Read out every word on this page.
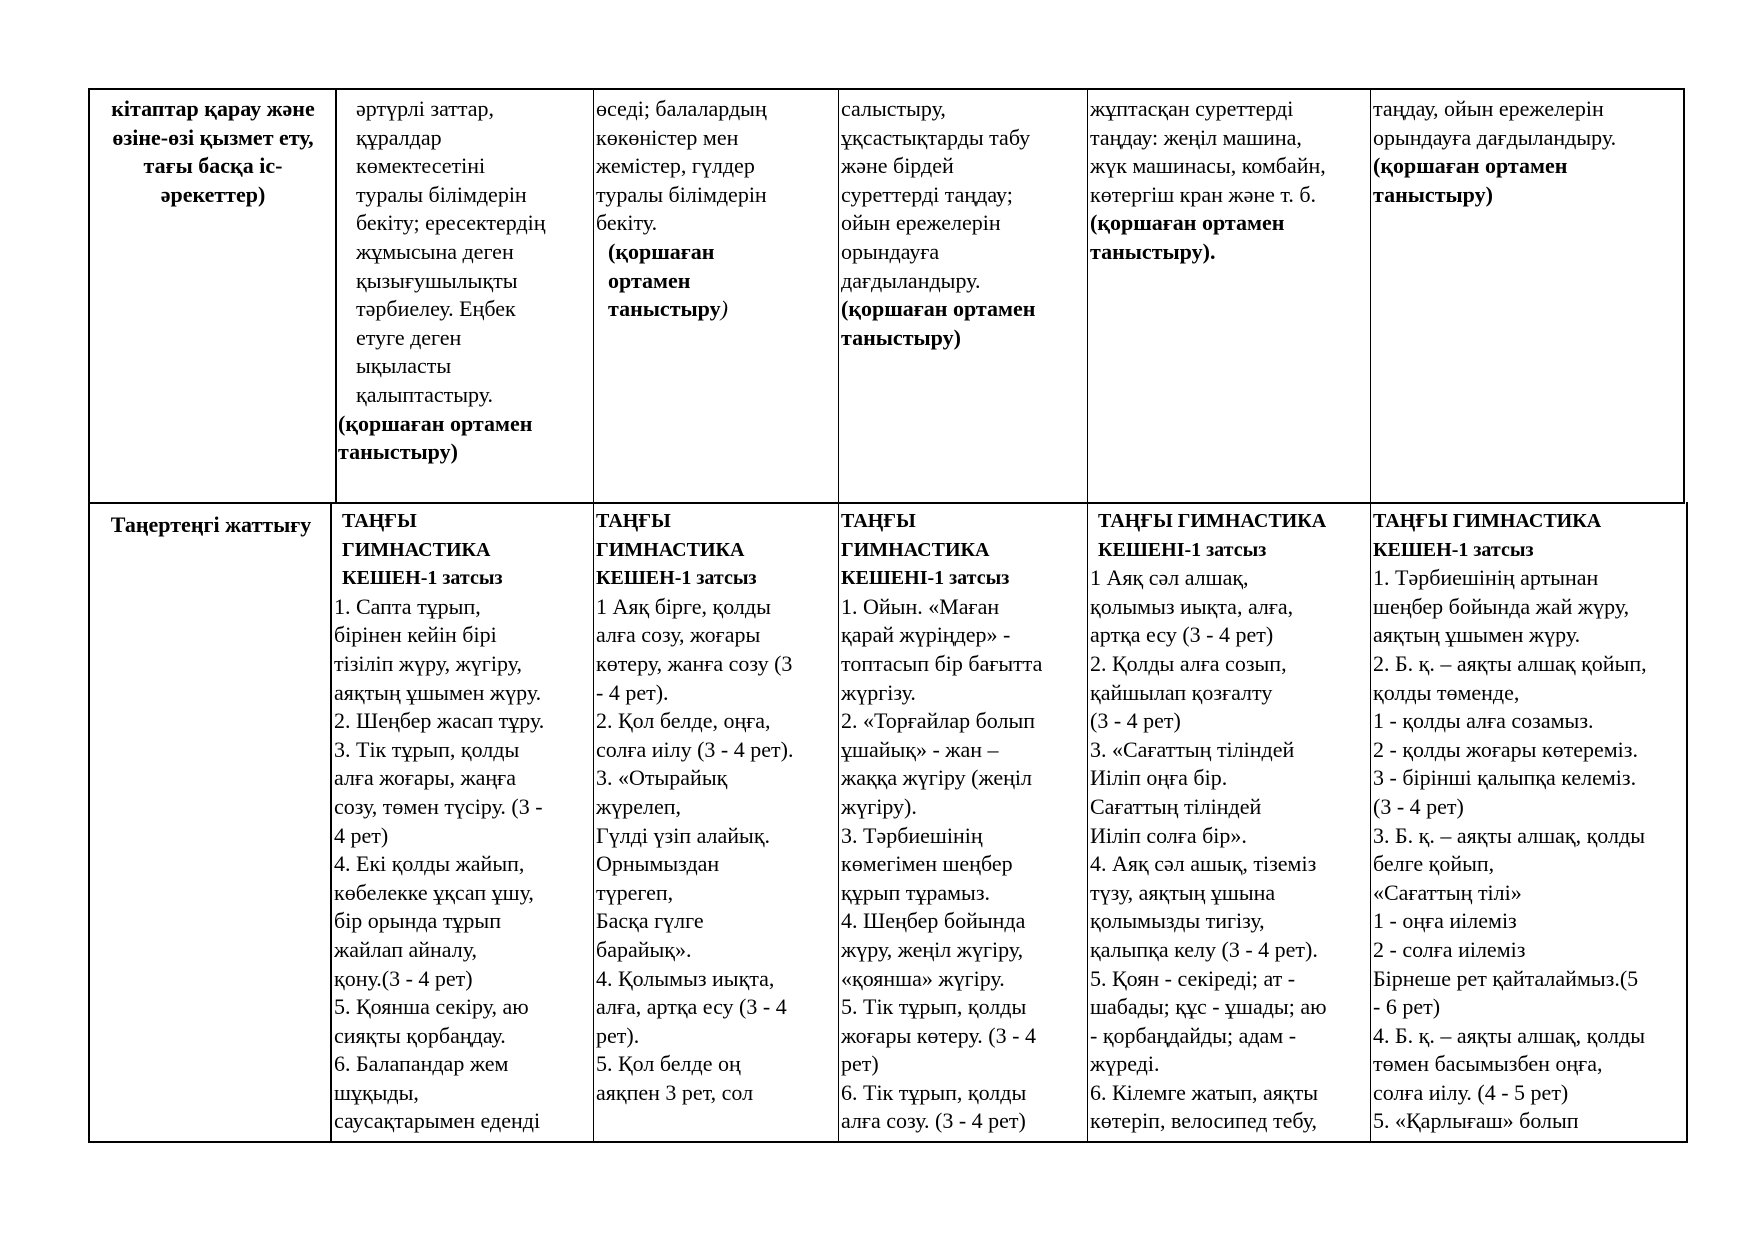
кітаптар қарау және өзіне-өзі қызмет ету, тағы басқа іс-әрекеттер)
әртүрлі заттар,
құралдар
көмектесетіні
туралы білімдерін
бекіту; ересектердің
жұмысына деген
қызығушылықты
тәрбиелеу. Еңбек
етуге деген
ықыласты
қалыптастыру.
(қоршаған ортамен
таныстыру)
өседі; балалардың
көкөністер мен
жемістер, гүлдер
туралы білімдерін
бекіту.
(қоршаған
ортамен
таныстыру)
салыстыру,
ұқсастықтарды табу
және бірдей
суреттерді таңдау;
ойын ережелерін
орындауға
дағдыландыру.
(қоршаған ортамен
таныстыру)
жұптасқан суреттерді
таңдау: жеңіл машина,
жүк машинасы, комбайн,
көтергіш кран және т. б.
(қоршаған ортамен
таныстыру).
таңдау, ойын ережелерін
орындауға дағдыландыру.
(қоршаған ортамен
таныстыру)
Таңертеңгі жаттығу	ТАҢҒЫ
ГИМНАСТИКА
КЕШЕН-1 затсыз
1. Сапта тұрып,
бірінен кейін бірі
тізіліп жүру, жүгіру,
аяқтың ұшымен жүру.
2. Шеңбер жасап тұру.
3. Тік тұрып, қолды
алға жоғары, жаңға
созу, төмен түсіру. (3 -
4 рет)
4. Екі қолды жайып,
көбелекке ұқсап ұшу,
бір орында тұрып
жайлап айналу,
қону.(3 - 4 рет)
5. Қоянша секіру, аю
сияқты қорбаңдау.
6. Балапандар жем
шұқыды,
саусақтарымен еденді
ТАҢҒЫ
ГИМНАСТИКА
КЕШЕН-1 затсыз
1 Аяқ бірге, қолды
алға созу, жоғары
көтеру, жанға созу (3
- 4 рет).
2. Қол белде, оңға,
солға иілу (3 - 4 рет).
3. «Отырайық
жүрелеп,
Гүлді үзіп алайық.
Орнымыздан
түрегеп,
Басқа гүлге
барайық».
4. Қолымыз иықта,
алға, артқа есу (3 - 4
рет).
5. Қол белде оң
аяқпен 3 рет, сол
ТАҢҒЫ
ГИМНАСТИКА
КЕШЕНІ-1 затсыз
1. Ойын. «Маған
қарай жүріңдер» -
топтасып бір бағытта
жүргізу.
2. «Торғайлар болып
ұшайық» - жан –
жаққа жүгіру (жеңіл
жүгіру).
3. Тәрбиешінің
көмегімен шеңбер
құрып тұрамыз.
4. Шеңбер бойында
жүру, жеңіл жүгіру,
«қоянша» жүгіру.
5. Тік тұрып, қолды
жоғары көтеру. (3 - 4
рет)
6. Тік тұрып, қолды
алға созу. (3 - 4 рет)
ТАҢҒЫ ГИМНАСТИКА
КЕШЕНІ-1 затсыз
1 Аяқ сәл алшақ,
қолымыз иықта, алға,
артқа есу (3 - 4 рет)
2. Қолды алға созып,
қайшылап қозғалту
(3 - 4 рет)
3. «Сағаттың тіліндей
Иіліп оңға бір.
Сағаттың тіліндей
Иіліп солға бір».
4. Аяқ сәл ашық, тіземіз
түзу, аяқтың ұшына
қолымызды тигізу,
қалыпқа келу (3 - 4 рет).
5. Қоян - секіреді; ат -
шабады; құс - ұшады; аю
- қорбаңдайды; адам -
жүреді.
6. Кілемге жатып, аяқты
көтеріп, велосипед тебу,
ТАҢҒЫ ГИМНАСТИКА
КЕШЕН-1 затсыз
1. Тәрбиешінің артынан
шеңбер бойында жай жүру,
аяқтың ұшымен жүру.
2. Б. қ. – аяқты алшақ қойып,
қолды төменде,
1 - қолды алға созамыз.
2 - қолды жоғары көтереміз.
3 - бірінші қалыпқа келеміз.
(3 - 4 рет)
3. Б. қ. – аяқты алшақ, қолды
белге қойып,
«Сағаттың тілі»
1 - оңға иілеміз
2 - солға иілеміз
Бірнеше рет қайталаймыз.(5
- 6 рет)
4. Б. қ. – аяқты алшақ, қолды
төмен басымызбен оңға,
солға иілу. (4 - 5 рет)
5. «Қарлығаш» болып
